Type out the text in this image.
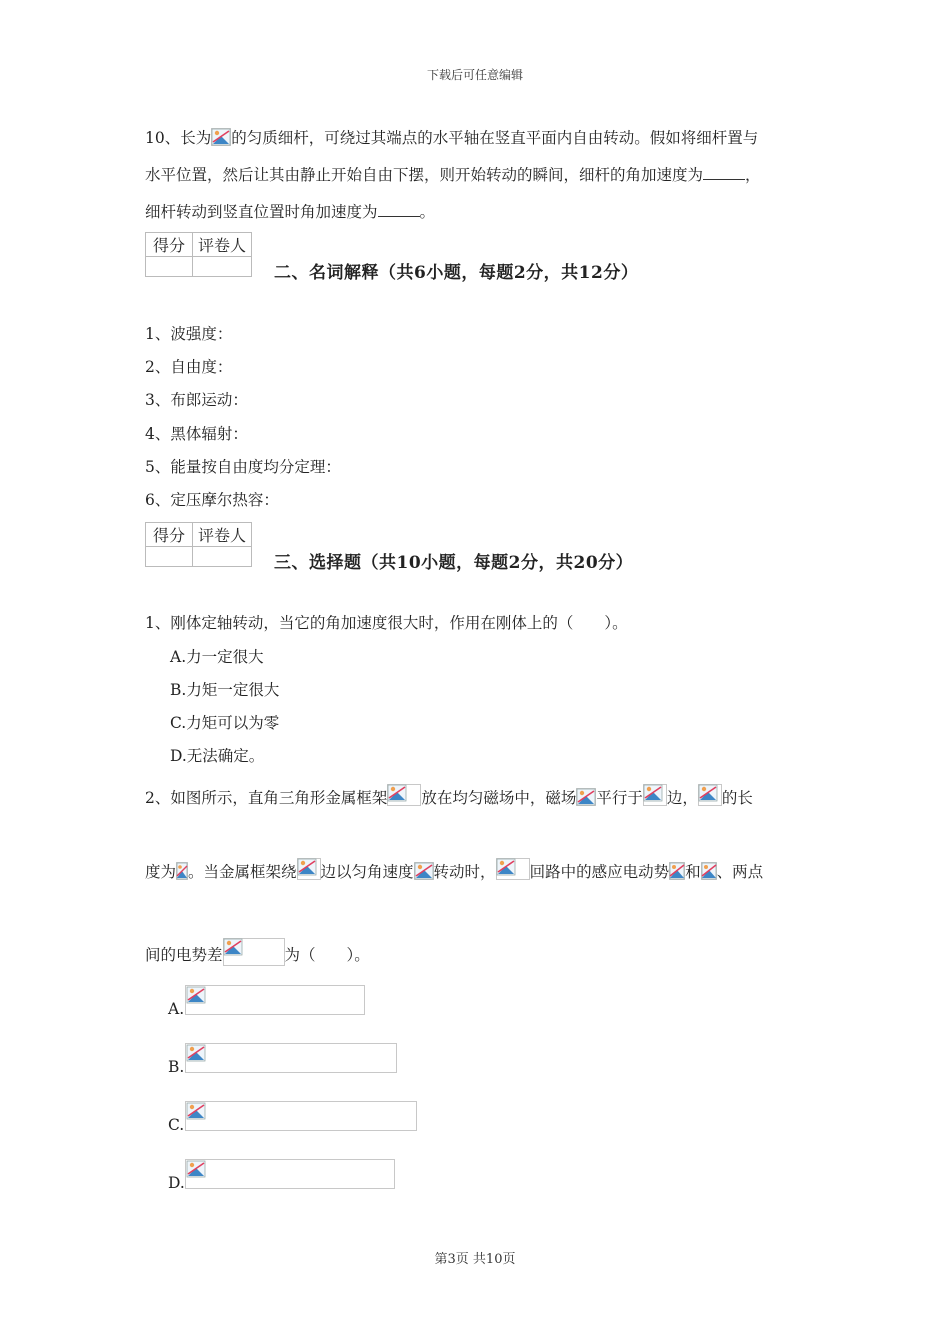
下载后可任意编辑
10、长为 的匀质细杆，可绕过其端点的水平轴在竖直平面内自由转动。假如将细杆置与
水平位置，然后让其由静止开始自由下摆，则开始转动的瞬间，细杆的角加速度为	，
细杆转动到竖直位置时角加速度为	。
得分	评卷人

二、名词解释（共6小题，每题2分，共12分）
1、波强度：
2、自由度：
3、布郎运动：
4、黑体辐射：
5、能量按自由度均分定理：
6、定压摩尔热容：
得分	评卷人

三、选择题（共10小题，每题2分，共20分）
1、刚体定轴转动，当它的角加速度很大时，作用在刚体上的（　　）。
A.力一定很大
B.力矩一定很大
C.力矩可以为零
D.无法确定。
2、如图所示，直角三角形金属框架 放在均匀磁场中，磁场 平行于 边， 的长
度为 。当金属框架绕 边以匀角速度 转动时， 回路中的感应电动势 和 、两点
间的电势差	为（　　）。
A.
B.
C.
D.
第3页 共10页
